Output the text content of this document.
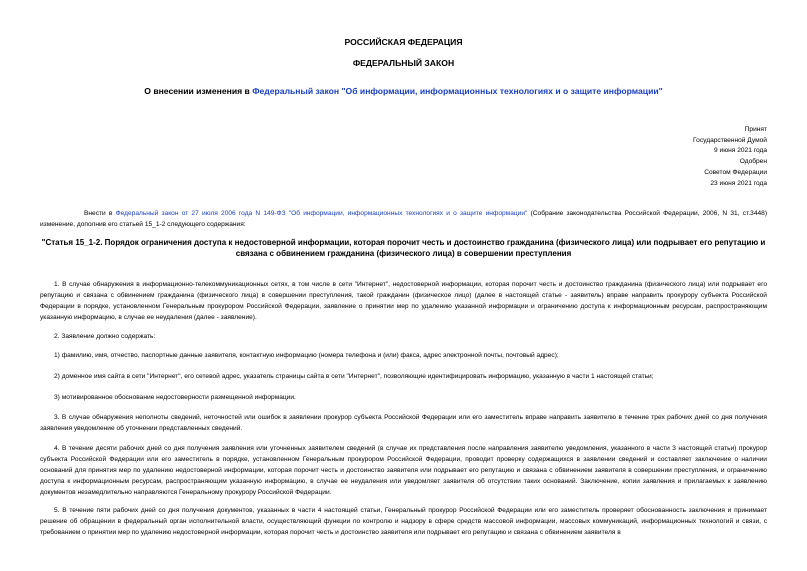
РОССИЙСКАЯ ФЕДЕРАЦИЯ
ФЕДЕРАЛЬНЫЙ ЗАКОН
О внесении изменения в Федеральный закон "Об информации, информационных технологиях и о защите информации"
Принят
Государственной Думой
9 июня 2021 года
Одобрен
Советом Федерации
23 июня 2021 года
Внести в Федеральный закон от 27 июля 2006 года N 149-ФЗ "Об информации, информационных технологиях и о защите информации" (Собрание законодательства Российской Федерации, 2006, N 31, ст.3448) изменение, дополнив его статьей 15_1-2 следующего содержания:
"Статья 15_1-2. Порядок ограничения доступа к недостоверной информации, которая порочит честь и достоинство гражданина (физического лица) или подрывает его репутацию и связана с обвинением гражданина (физического лица) в совершении преступления
1. В случае обнаружения в информационно-телекоммуникационных сетях, в том числе в сети "Интернет", недостоверной информации, которая порочит честь и достоинство гражданина (физического лица) или подрывает его репутацию и связана с обвинением гражданина (физического лица) в совершении преступления, такой гражданин (физическое лицо) (далее в настоящей статье - заявитель) вправе направить прокурору субъекта Российской Федерации в порядке, установленном Генеральным прокурором Российской Федерации, заявление о принятии мер по удалению указанной информации и ограничению доступа к информационным ресурсам, распространяющим указанную информацию, в случае ее неудаления (далее - заявление).
2. Заявление должно содержать:
1) фамилию, имя, отчество, паспортные данные заявителя, контактную информацию (номера телефона и (или) факса, адрес электронной почты, почтовый адрес);
2) доменное имя сайта в сети "Интернет", его сетевой адрес, указатель страницы сайта в сети "Интернет", позволяющие идентифицировать информацию, указанную в части 1 настоящей статьи;
3) мотивированное обоснование недостоверности размещенной информации.
3. В случае обнаружения неполноты сведений, неточностей или ошибок в заявлении прокурор субъекта Российской Федерации или его заместитель вправе направить заявителю в течение трех рабочих дней со дня получения заявления уведомление об уточнении представленных сведений.
4. В течение десяти рабочих дней со дня получения заявления или уточненных заявителем сведений (в случае их представления после направления заявителю уведомления, указанного в части 3 настоящей статьи) прокурор субъекта Российской Федерации или его заместитель в порядке, установленном Генеральным прокурором Российской Федерации, проводит проверку содержащихся в заявлении сведений и составляет заключение о наличии оснований для принятия мер по удалению недостоверной информации, которая порочит честь и достоинство заявителя или подрывает его репутацию и связана с обвинением заявителя в совершении преступления, и ограничению доступа к информационным ресурсам, распространяющим указанную информацию, в случае ее неудаления или уведомляет заявителя об отсутствии таких оснований. Заключение, копии заявления и прилагаемых к заявлению документов незамедлительно направляются Генеральному прокурору Российской Федерации.
5. В течение пяти рабочих дней со дня получения документов, указанных в части 4 настоящей статьи, Генеральный прокурор Российской Федерации или его заместитель проверяет обоснованность заключения и принимает решение об обращении в федеральный орган исполнительной власти, осуществляющий функции по контролю и надзору в сфере средств массовой информации, массовых коммуникаций, информационных технологий и связи, с требованием о принятии мер по удалению недостоверной информации, которая порочит честь и достоинство заявителя или подрывает его репутацию и связана с обвинением заявителя в
